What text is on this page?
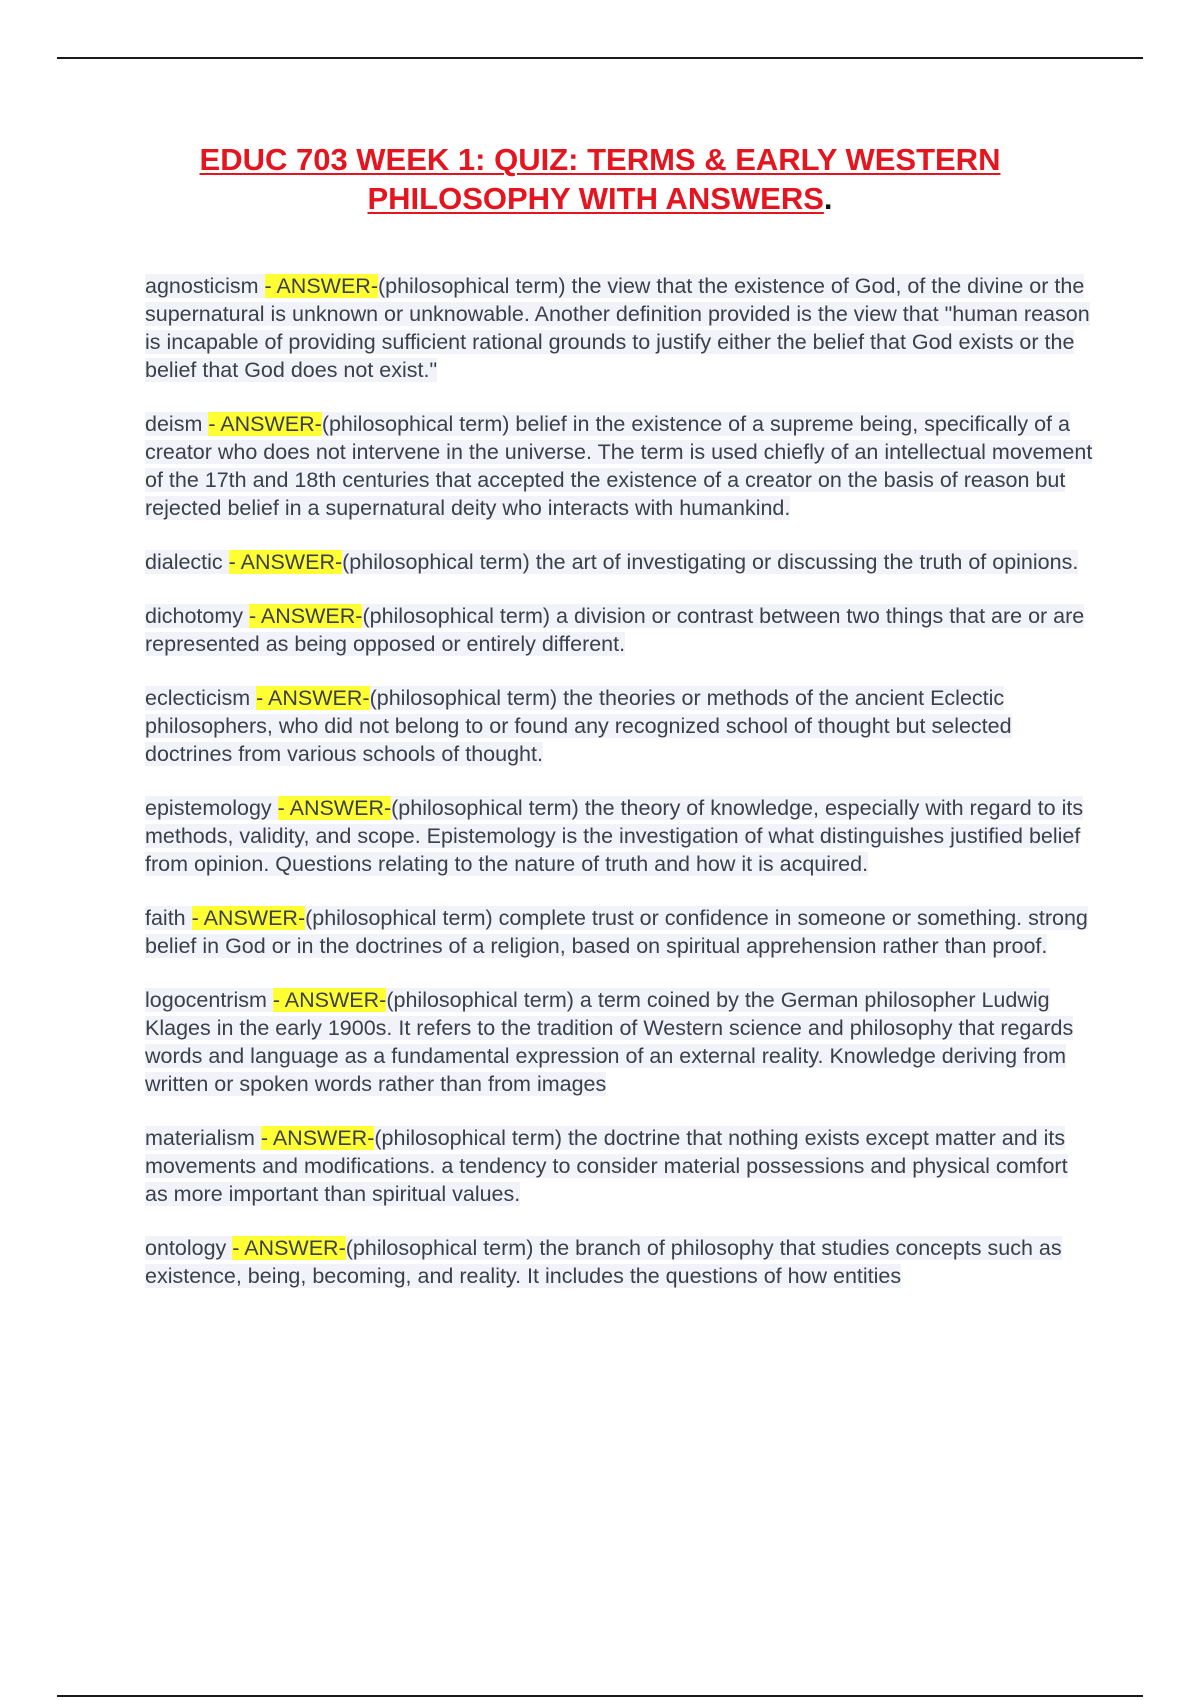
EDUC 703 WEEK 1: QUIZ: TERMS & EARLY WESTERN
PHILOSOPHY WITH ANSWERS.

agnosticism - ANSWER-(philosophical term) the view that the existence of God, of the divine or the supernatural is unknown or unknowable. Another definition provided is the view that "human reason is incapable of providing sufficient rational grounds to justify either the belief that God exists or the belief that God does not exist."

deism - ANSWER-(philosophical term) belief in the existence of a supreme being, specifically of a creator who does not intervene in the universe. The term is used chiefly of an intellectual movement of the 17th and 18th centuries that accepted the existence of a creator on the basis of reason but rejected belief in a supernatural deity who interacts with humankind.

dialectic - ANSWER-(philosophical term) the art of investigating or discussing the truth of opinions.

dichotomy - ANSWER-(philosophical term) a division or contrast between two things that are or are represented as being opposed or entirely different.

eclecticism - ANSWER-(philosophical term) the theories or methods of the ancient Eclectic philosophers, who did not belong to or found any recognized school of thought but selected doctrines from various schools of thought.

epistemology - ANSWER-(philosophical term) the theory of knowledge, especially with regard to its methods, validity, and scope. Epistemology is the investigation of what distinguishes justified belief from opinion. Questions relating to the nature of truth and how it is acquired.

faith - ANSWER-(philosophical term) complete trust or confidence in someone or something. strong belief in God or in the doctrines of a religion, based on spiritual apprehension rather than proof.

logocentrism - ANSWER-(philosophical term) a term coined by the German philosopher Ludwig Klages in the early 1900s. It refers to the tradition of Western science and philosophy that regards words and language as a fundamental expression of an external reality. Knowledge deriving from written or spoken words rather than from images

materialism - ANSWER-(philosophical term) the doctrine that nothing exists except matter and its movements and modifications. a tendency to consider material possessions and physical comfort as more important than spiritual values.

ontology - ANSWER-(philosophical term) the branch of philosophy that studies concepts such as existence, being, becoming, and reality. It includes the questions of how entities
